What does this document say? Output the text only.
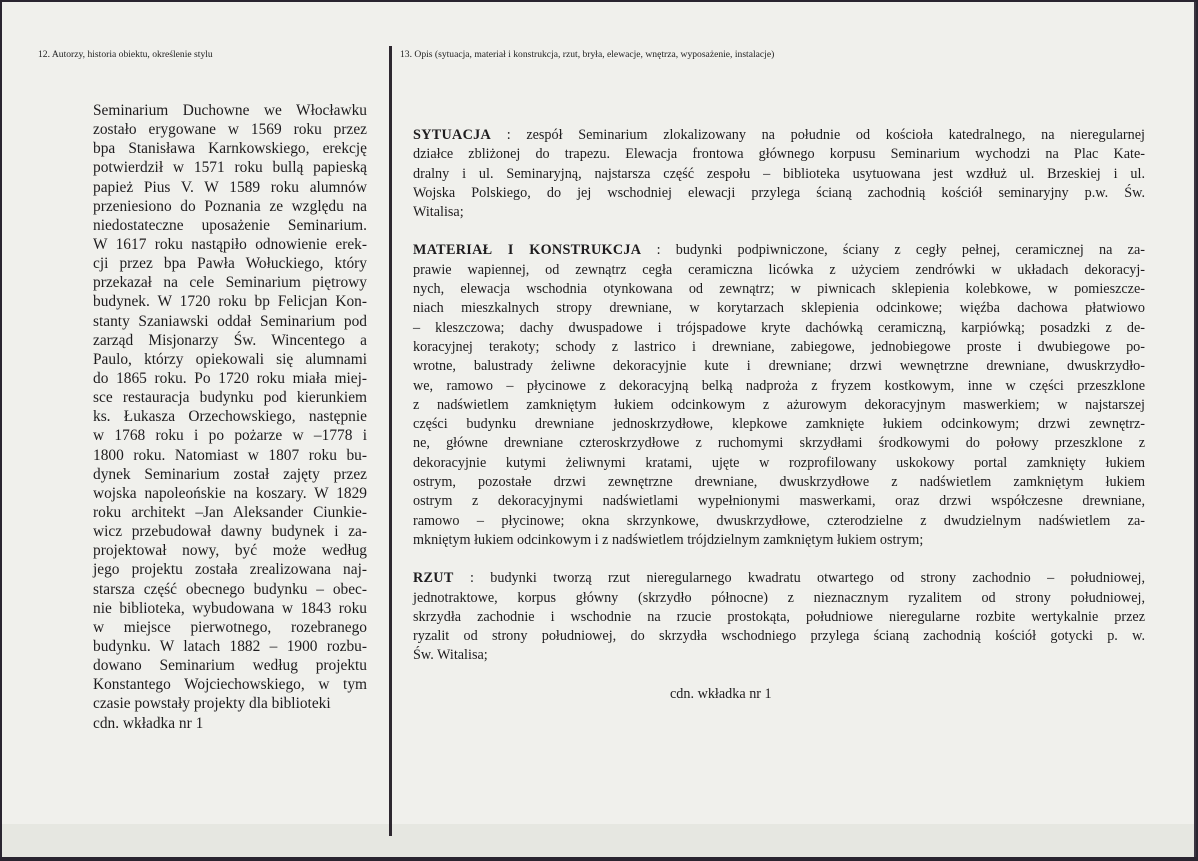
12. Autorzy, historia obiektu, określenie stylu	13. Opis (sytuacja, materiał i konstrukcja, rzut, bryła, elewacje, wnętrza, wyposażenie, instalacje)
Seminarium Duchowne we Włocławku
zostało erygowane w 1569 roku przez
bpa Stanisława Karnkowskiego, erekcję
potwierdził w 1571 roku bullą papieską
papież Pius V. W 1589 roku alumnów
przeniesiono do Poznania ze względu na
niedostateczne uposażenie Seminarium.
W 1617 roku nastąpiło odnowienie erek-
cji przez bpa Pawła Wołuckiego, który
przekazał na cele Seminarium piętrowy
budynek. W 1720 roku bp Felicjan Kon-
stanty Szaniawski oddał Seminarium pod
zarząd Misjonarzy Św. Wincentego a
Paulo, którzy opiekowali się alumnami
do 1865 roku. Po 1720 roku miała miej-
sce restauracja budynku pod kierunkiem
ks. Łukasza Orzechowskiego, następnie
w 1768 roku i po pożarze w –1778 i
1800 roku. Natomiast w 1807 roku bu-
dynek Seminarium został zajęty przez
wojska napoleońskie na koszary. W 1829
roku architekt –Jan Aleksander Ciunkie-
wicz przebudował dawny budynek i za-
projektował nowy, być może według
jego projektu została zrealizowana naj-
starsza część obecnego budynku – obec-
nie biblioteka, wybudowana w 1843 roku
w miejsce pierwotnego, rozebranego
budynku. W latach 1882 – 1900 rozbu-
dowano Seminarium według projektu
Konstantego Wojciechowskiego, w tym
czasie powstały projekty dla biblioteki
cdn. wkładka nr 1
SYTUACJA : zespół Seminarium zlokalizowany na południe od kościoła katedralnego, na nieregularnej
działce zbliżonej do trapezu. Elewacja frontowa głównego korpusu Seminarium wychodzi na Plac Kate-
dralny i ul. Seminaryjną, najstarsza część zespołu – biblioteka usytuowana jest wzdłuż ul. Brzeskiej i ul.
Wojska Polskiego, do jej wschodniej elewacji przylega ścianą zachodnią kościół seminaryjny p.w. Św.
Witalisa;
MATERIAŁ I KONSTRUKCJA : budynki podpiwniczone, ściany z cegły pełnej, ceramicznej na za-
prawie wapiennej, od zewnątrz cegła ceramiczna licówka z użyciem zendrówki w układach dekoracyj-
nych, elewacja wschodnia otynkowana od zewnątrz; w piwnicach sklepienia kolebkowe, w pomieszcze-
niach mieszkalnych stropy drewniane, w korytarzach sklepienia odcinkowe; więźba dachowa płatwiowo
– kleszczowa; dachy dwuspadowe i trójspadowe kryte dachówką ceramiczną, karpiówką; posadzki z de-
koracyjnej terakoty; schody z lastrico i drewniane, zabiegowe, jednobiegowe proste i dwubiegowe po-
wrotne, balustrady żeliwne dekoracyjnie kute i drewniane; drzwi wewnętrzne drewniane, dwuskrzydło-
we, ramowo – płycinowe z dekoracyjną belką nadproża z fryzem kostkowym, inne w części przeszklone
z nadświetlem zamkniętym łukiem odcinkowym z ażurowym dekoracyjnym maswerkiem; w najstarszej
części budynku drewniane jednoskrzydłowe, klepkowe zamknięte łukiem odcinkowym; drzwi zewnętrz-
ne, główne drewniane czteroskrzydłowe z ruchomymi skrzydłami środkowymi do połowy przeszklone z
dekoracyjnie kutymi żeliwnymi kratami, ujęte w rozprofilowany uskokowy portal zamknięty łukiem
ostrym, pozostałe drzwi zewnętrzne drewniane, dwuskrzydłowe z nadświetlem zamkniętym łukiem
ostrym z dekoracyjnymi nadświetlami wypełnionymi maswerkami, oraz drzwi współczesne drewniane,
ramowo – płycinowe; okna skrzynkowe, dwuskrzydłowe, czterodzielne z dwudzielnym nadświetlem za-
mkniętym łukiem odcinkowym i z nadświetlem trójdzielnym zamkniętym łukiem ostrym;
RZUT : budynki tworzą rzut nieregularnego kwadratu otwartego od strony zachodnio – południowej,
jednotraktowe, korpus główny (skrzydło północne) z nieznacznym ryzalitem od strony południowej,
skrzydła zachodnie i wschodnie na rzucie prostokąta, południowe nieregularne rozbite wertykalnie przez
ryzalit od strony południowej, do skrzydła wschodniego przylega ścianą zachodnią kościół gotycki p. w.
Św. Witalisa;
cdn. wkładka nr 1
